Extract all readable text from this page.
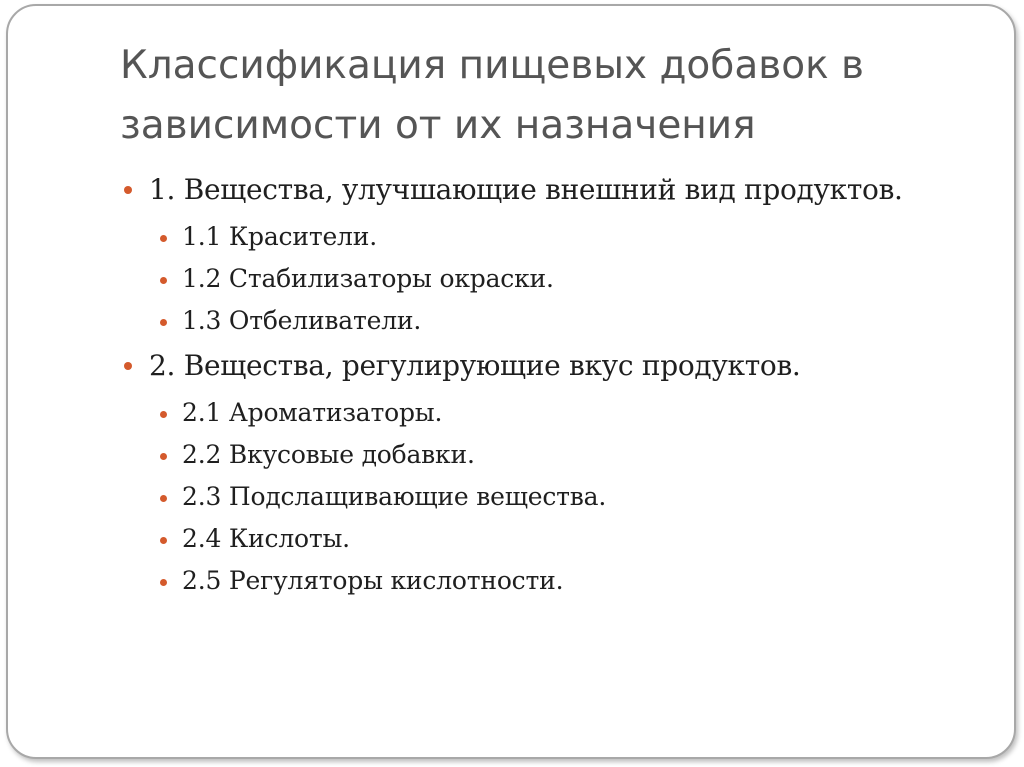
Классификация пищевых добавок в зависимости от их назначения
1. Вещества, улучшающие внешний вид продуктов.
1.1 Красители.
1.2 Стабилизаторы окраски.
1.3 Отбеливатели.
2. Вещества, регулирующие вкус продуктов.
2.1 Ароматизаторы.
2.2 Вкусовые добавки.
2.3 Подслащивающие вещества.
2.4 Кислоты.
2.5 Регуляторы кислотности.
